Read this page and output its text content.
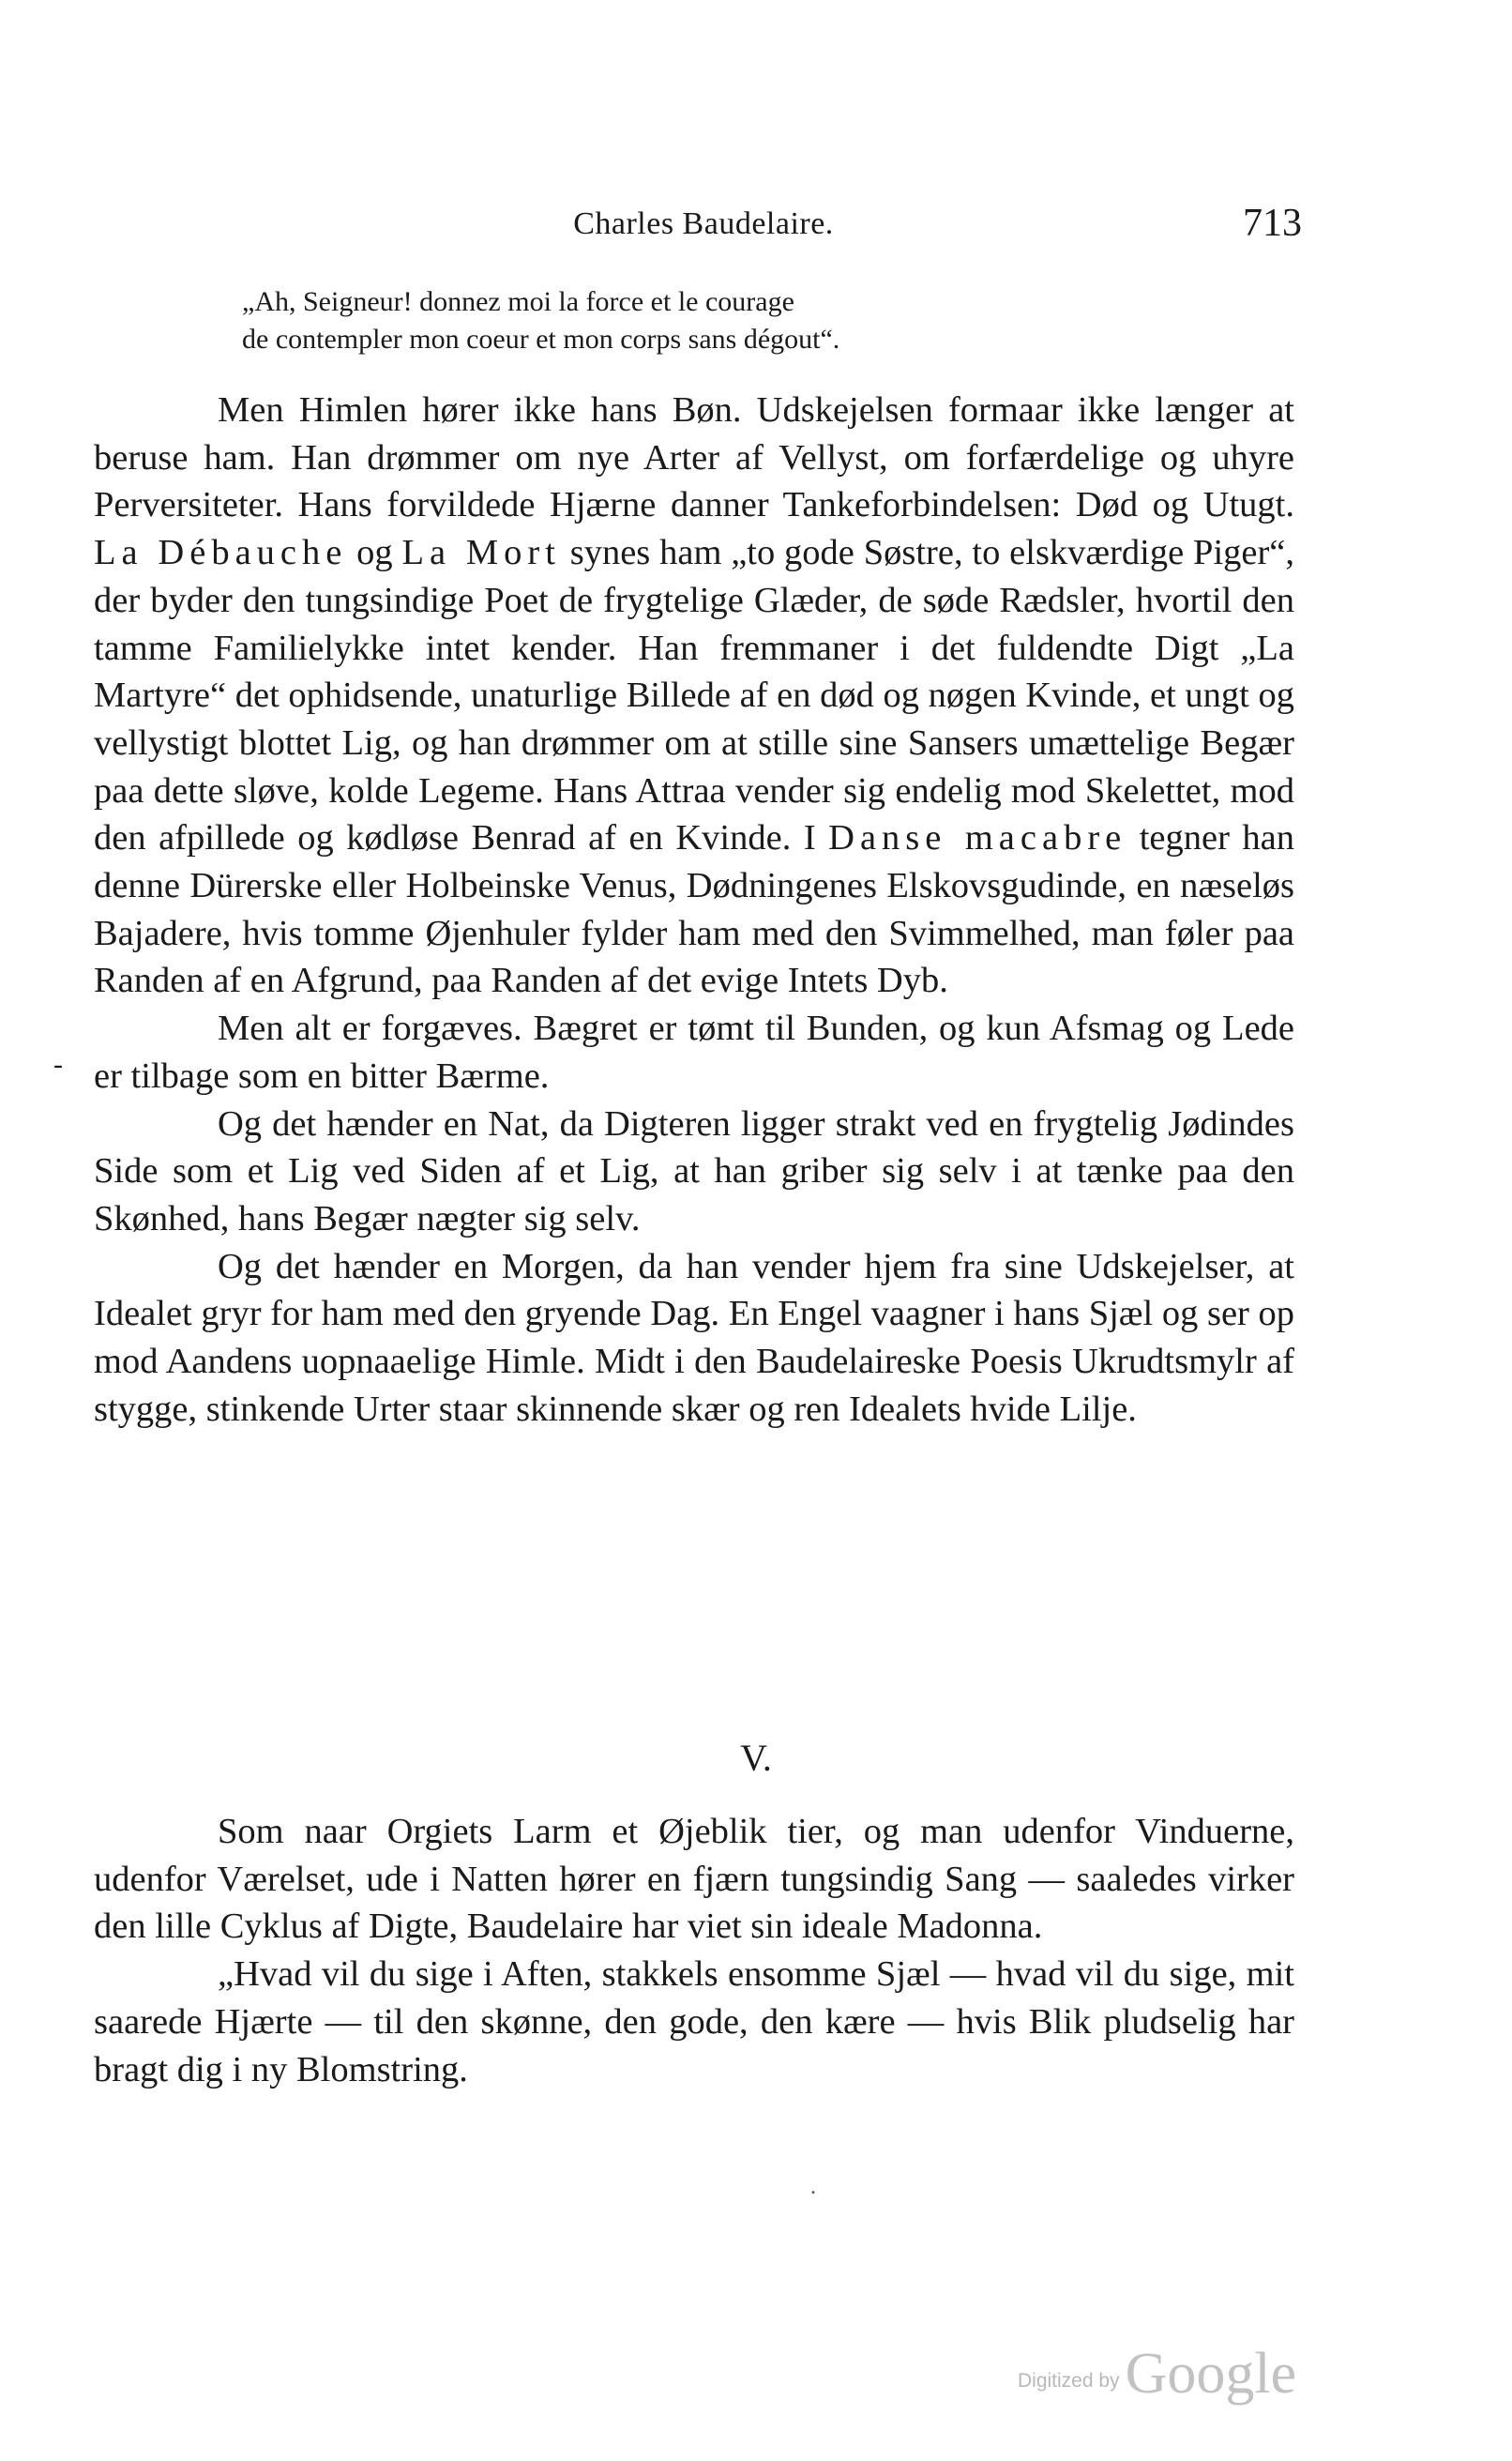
Charles Baudelaire.	713
„Ah, Seigneur! donnez moi la force et le courage
de contempler mon coeur et mon corps sans dégout“.

Men Himlen hører ikke hans Bøn. Udskejelsen formaar ikke længer at beruse ham. Han drømmer om nye Arter af Vellyst, om forfærdelige og uhyre Perversiteter. Hans forvildede Hjærne danner Tankeforbindelsen: Død og Utugt. La Débauche og La Mort synes ham „to gode Søstre, to elskværdige Piger“, der byder den tungsindige Poet de frygtelige Glæder, de søde Rædsler, hvortil den tamme Familielykke intet kender. Han fremmaner i det fuldendte Digt „La Martyre“ det ophidsende, unaturlige Billede af en død og nøgen Kvinde, et ungt og vellystigt blottet Lig, og han drømmer om at stille sine Sansers umættelige Begær paa dette sløve, kolde Legeme. Hans Attraa vender sig endelig mod Skelettet, mod den afpillede og kødløse Benrad af en Kvinde. I Danse macabre tegner han denne Dürerske eller Holbeinske Venus, Dødningenes Elskovsgudinde, en næseløs Bajadere, hvis tomme Øjenhuler fylder ham med den Svimmelhed, man føler paa Randen af en Afgrund, paa Randen af det evige Intets Dyb.

Men alt er forgæves. Bægret er tømt til Bunden, og kun Afsmag og Lede er tilbage som en bitter Bærme.

Og det hænder en Nat, da Digteren ligger strakt ved en frygtelig Jødindes Side som et Lig ved Siden af et Lig, at han griber sig selv i at tænke paa den Skønhed, hans Begær nægter sig selv.

Og det hænder en Morgen, da han vender hjem fra sine Udskejelser, at Idealet gryr for ham med den gryende Dag. En Engel vaagner i hans Sjæl og ser op mod Aandens uopnaaelige Himle. Midt i den Baudelaireske Poesis Ukrudtsmylr af stygge, stinkende Urter staar skinnende skær og ren Idealets hvide Lilje.

V.

Som naar Orgiets Larm et Øjeblik tier, og man udenfor Vinduerne, udenfor Værelset, ude i Natten hører en fjærn tungsindig Sang — saaledes virker den lille Cyklus af Digte, Baudelaire har viet sin ideale Madonna.

„Hvad vil du sige i Aften, stakkels ensomme Sjæl — hvad vil du sige, mit saarede Hjærte — til den skønne, den gode, den kære — hvis Blik pludselig har bragt dig i ny Blomstring.

-
.
Digitized byGoogle
